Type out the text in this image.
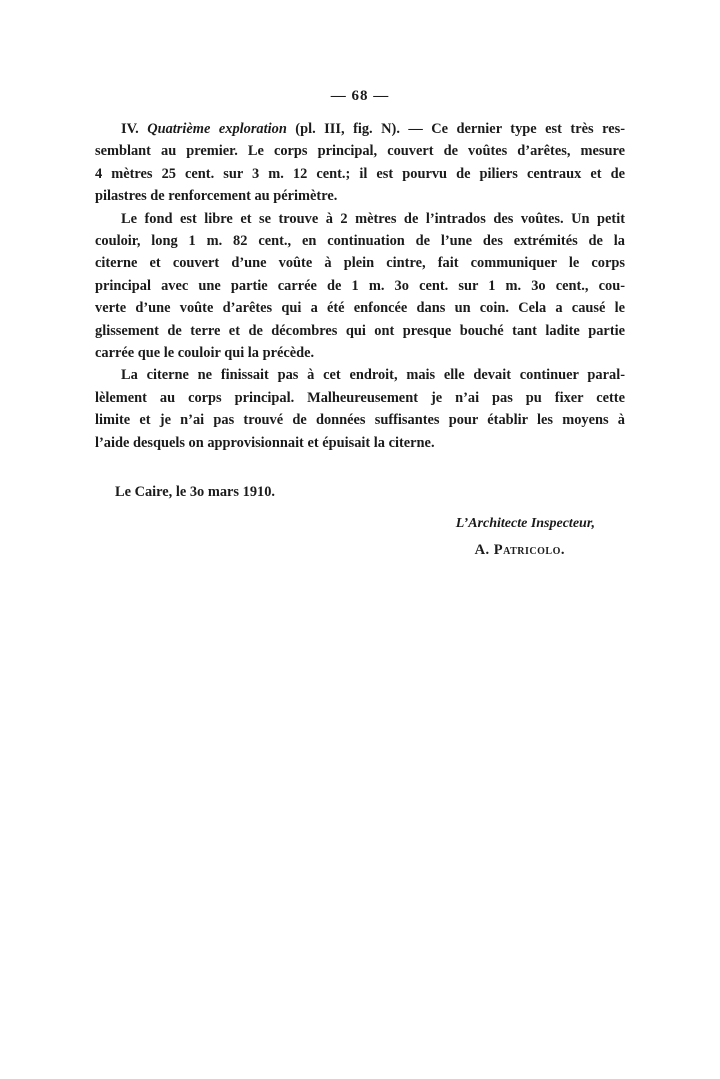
— 68 —
IV. Quatrième exploration (pl. III, fig. N). — Ce dernier type est très res-
semblant au premier. Le corps principal, couvert de voûtes d’arêtes, mesure
4 mètres 25 cent. sur 3 m. 12 cent.; il est pourvu de piliers centraux et de
pilastres de renforcement au périmètre.
Le fond est libre et se trouve à 2 mètres de l’intrados des voûtes. Un petit
couloir, long 1 m. 82 cent., en continuation de l’une des extrémités de la
citerne et couvert d’une voûte à plein cintre, fait communiquer le corps
principal avec une partie carrée de 1 m. 3o cent. sur 1 m. 3o cent., cou-
verte d’une voûte d’arêtes qui a été enfoncée dans un coin. Cela a causé le
glissement de terre et de décombres qui ont presque bouché tant ladite partie
carrée que le couloir qui la précède.
La citerne ne finissait pas à cet endroit, mais elle devait continuer paral-
lèlement au corps principal. Malheureusement je n’ai pas pu fixer cette
limite et je n’ai pas trouvé de données suffisantes pour établir les moyens à
l’aide desquels on approvisionnait et épuisait la citerne.
Le Caire, le 3o mars 1910.
L’Architecte Inspecteur,
A. Patricolo.
